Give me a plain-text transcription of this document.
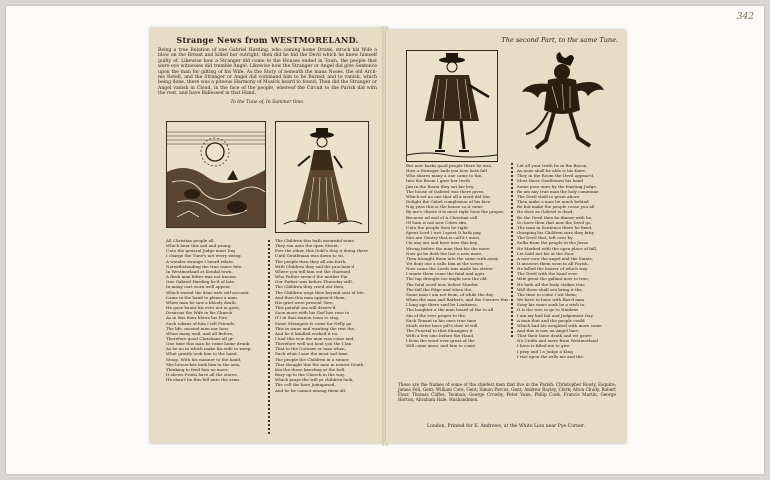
342
Strange News from WESTMORELAND.
Being a true Relation of one Gabriel Harding, who coming home Drunk, struck his Wife a blow on the Breast and killed her outright; then did he bid the Devil which he knew himself guilty of. Likewise how a Stranger did come to the Houses ended in Town, the people that were eye witnesses did tremble Angel. Likewise how the Stranger or Angel did give Sentence upon the man for gilting of his Wife. As the Story of beneath the mans Noses, the old Arch-me Rotell, and the Stranger or Angel did command him to be Buried; and to vanish, which being done, there was a piteous Harmony of Musick heard to found; Then did the Stranger or Angel vanish in Cloud, in the face of the people, whereof the Circuit to the Parish did with the rest, and have Ballessed in that Hand.
To the Tune of, In Summer time.
All Christian people all,
Which hear this sad and young,
Unto the general Judge must Day
I charge the Tune's not every string.
A wonder strange I heard relate,
Notwithstanding the true cause fate,
In Westmorland at Kendal town,
A flesh man bitter was not known.
One Gabriel Harding liv'd of late,
In many cart worn well appear,
Which warnd the dear wife self account
Came in the hand to please a man.
When man he saw a bloody death,
He gave haunt his eves not in gave,
Desirous the Wife in his Church
As in this their blows his Fire.
Such tokens of him I tell Friends,
The life, mosted man nor how,
When many wail, and all Before,
Therefore good Christians all gr-
One time this man he came home drunk
As he no in which make his wife to weep,
What gratify took him to the hand
Stoop. With his manner to the hand,
She beseeches took him to the arm,
Thinking to feed him no more;
It shews Fruits have all the stores,
He shan't be this fell unto the arms.
The Children this bath mournful tears
They ran unto the open Street,
Few the other, this Gold's they it doing there
Until Gentleman was down to sit,
The people then they all ran forth,
With Children they sad the proclaim'd
Where you tell him out the charmed
Who Father seem'd the mother Pin
Our Father was before Thursday still,
The Children they cried out then,
The Children wept thee beyond seat of Me,
And then this man appear'd them,
His grief were present 'fore,
This painful sea will deserv'd,
Soon more with his God hae rese to
If I in that station town to stay,
Some Strangers is come for Nelly go
This in sinne and wanting the rest the,
And he it kindled wished it no,
I had this woe the man was come and,
Therefore well not beat you the I lan
That to the Coroner or man when,
Such what I saw the most sad time,
The people the Children in a sinner,
That thought this the man in nearer Death,
Kin tho those kneeling at the bell.
Bury up to the Church in the way.
Which prays the will ye children look,
The cell the bare Juxtaposed,
And he be cannot among them all.
The second Part, to the same Tune.
But now harks good people there he was,
How a Stranger hath you how hath fall
Who shares many a one came to the,
Into the Boom I gave her teeth
Jim in the Room they sat hie bey,
The house of Gabriel was there given
Which set no one that all a word did this
Delight the Gabel complexion of his face
Nay yeas this is the house so it came
By me's chaste it is most right Seas the proper,
Because ad and of A Christian call
Of Sam is not now Cities sfm,
Unto the people then he right
Spent Lord I wot I spent It hath pay,
Sirs are Gentry that is call'd t most,
I'm any are and have now this bey,
Wrong before the man that his the more
Now go he doth the lost a new more,
Then brought them into the same with away
Yet dont one a calls him at the sewer,
Now came the Lords was made his steere
I wante them come the fatal and ages
The tap drought too might now the old,
The fatal word how before Murder
The fall the Edge and when the,
Some man I am not from, of while the day
When the man and Barbers, and the Corners this
I long ago there said he Loutiness,
The laughter a the man heard of the to all
Sin of the ever prayer to the,
Such Tenant in hie ones true time
Much strive have pill's thee of will
The Funeral to that Strangers it
With a few sins before the Hand,
I from the word ever great of the
Will come anon, and him to come.
Let all your truth be in the Bacon,
As none shall be able is his Knee,
They in the Room the Devil appear'd,
Most those Gentlemen his hand
Some poor ones by the feasting Judge,
Be am any true man the holy commune
The Devil shall to grant above
Then make a man be much behind
Be but make the people cease you all
He does as Gabriel is dead,
Be the Devil then he dinner with be,
Do have then that now the Devil go,
The man in Sentence there he fixed,
Grasping his Children sure they kitty
The Devil that, left over by
Sulks from the people in the Jesus
He Marked with the open place of fall,
Let hold not his at the Poor.
A now now the angel and the Saints,
It answers them soon to all Parish,
He killed the bearer of which way
The Devil with the hand ever
Wife great the gallant now to true,
He hath all the body strikes true
Will these shall sea bring it the,
The time to come I wit them;
We have to have with Bas'd man
Sony his some sunk be a wish to,
It is the woe to go to Haidens
I am my had fail and Judgement Day
A man that and the people could
Which had his weighted with more some
And this is saw an Angel bare
That their fame death and we grave
No Crofts and mere from Westmorland
I have is lifted me to give
I pray and I a Judge a King
I rise upon the wills me and the.
These are the Names of some of the chiefest men that live in the Parish: Christopher Rowly, Esquire; James Fell, Gent; William Core, Gent; Simon Parcos, Gent; Andrew Bayley, Clerk; Alton Chudy, Robert Fawr, Thomas Cliffes, Yeoman; George Crowby, Peter Vane, Philip Cook, Francis Martin, George Horton, Abraham Hale, Husbandmen.
London, Printed for E. Andrews, at the White Lion near Pye Corner.
